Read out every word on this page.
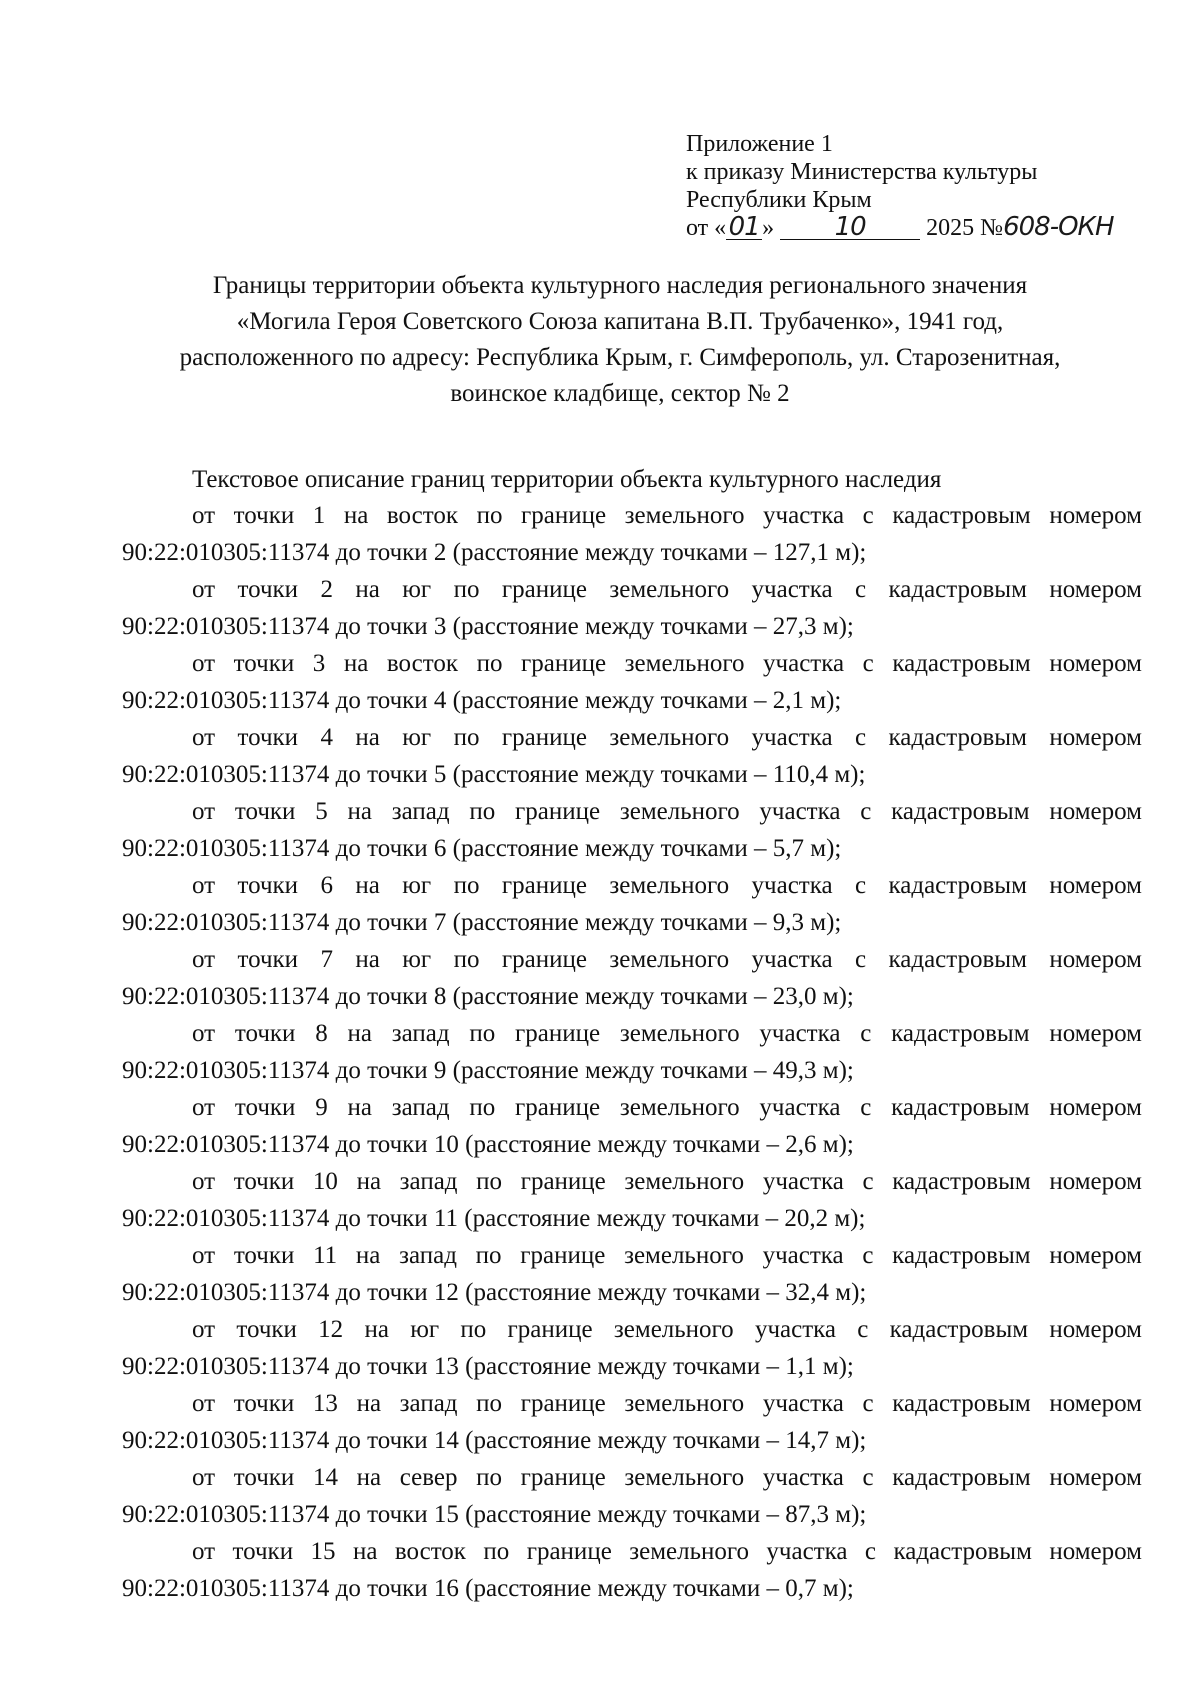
Приложение 1
к приказу Министерства культуры
Республики Крым
от «01 » 10	2025 №608-ОКН
Границы территории объекта культурного наследия регионального значения
«Могила Героя Советского Союза капитана В.П. Трубаченко», 1941 год,
расположенного по адресу: Республика Крым, г. Симферополь, ул. Старозенитная,
воинское кладбище, сектор № 2
Текстовое описание границ территории объекта культурного наследия
от точки 1 на восток по границе земельного участка с кадастровым номером
90:22:010305:11374 до точки 2 (расстояние между точками – 127,1 м);
от точки 2 на юг по границе земельного участка с кадастровым номером
90:22:010305:11374 до точки 3 (расстояние между точками – 27,3 м);
от точки 3 на восток по границе земельного участка с кадастровым номером
90:22:010305:11374 до точки 4 (расстояние между точками – 2,1 м);
от точки 4 на юг по границе земельного участка с кадастровым номером
90:22:010305:11374 до точки 5 (расстояние между точками – 110,4 м);
от точки 5 на запад по границе земельного участка с кадастровым номером
90:22:010305:11374 до точки 6 (расстояние между точками – 5,7 м);
от точки 6 на юг по границе земельного участка с кадастровым номером
90:22:010305:11374 до точки 7 (расстояние между точками – 9,3 м);
от точки 7 на юг по границе земельного участка с кадастровым номером
90:22:010305:11374 до точки 8 (расстояние между точками – 23,0 м);
от точки 8 на запад по границе земельного участка с кадастровым номером
90:22:010305:11374 до точки 9 (расстояние между точками – 49,3 м);
от точки 9 на запад по границе земельного участка с кадастровым номером
90:22:010305:11374 до точки 10 (расстояние между точками – 2,6 м);
от точки 10 на запад по границе земельного участка с кадастровым номером
90:22:010305:11374 до точки 11 (расстояние между точками – 20,2 м);
от точки 11 на запад по границе земельного участка с кадастровым номером
90:22:010305:11374 до точки 12 (расстояние между точками – 32,4 м);
от точки 12 на юг по границе земельного участка с кадастровым номером
90:22:010305:11374 до точки 13 (расстояние между точками – 1,1 м);
от точки 13 на запад по границе земельного участка с кадастровым номером
90:22:010305:11374 до точки 14 (расстояние между точками – 14,7 м);
от точки 14 на север по границе земельного участка с кадастровым номером
90:22:010305:11374 до точки 15 (расстояние между точками – 87,3 м);
от точки 15 на восток по границе земельного участка с кадастровым номером
90:22:010305:11374 до точки 16 (расстояние между точками – 0,7 м);
